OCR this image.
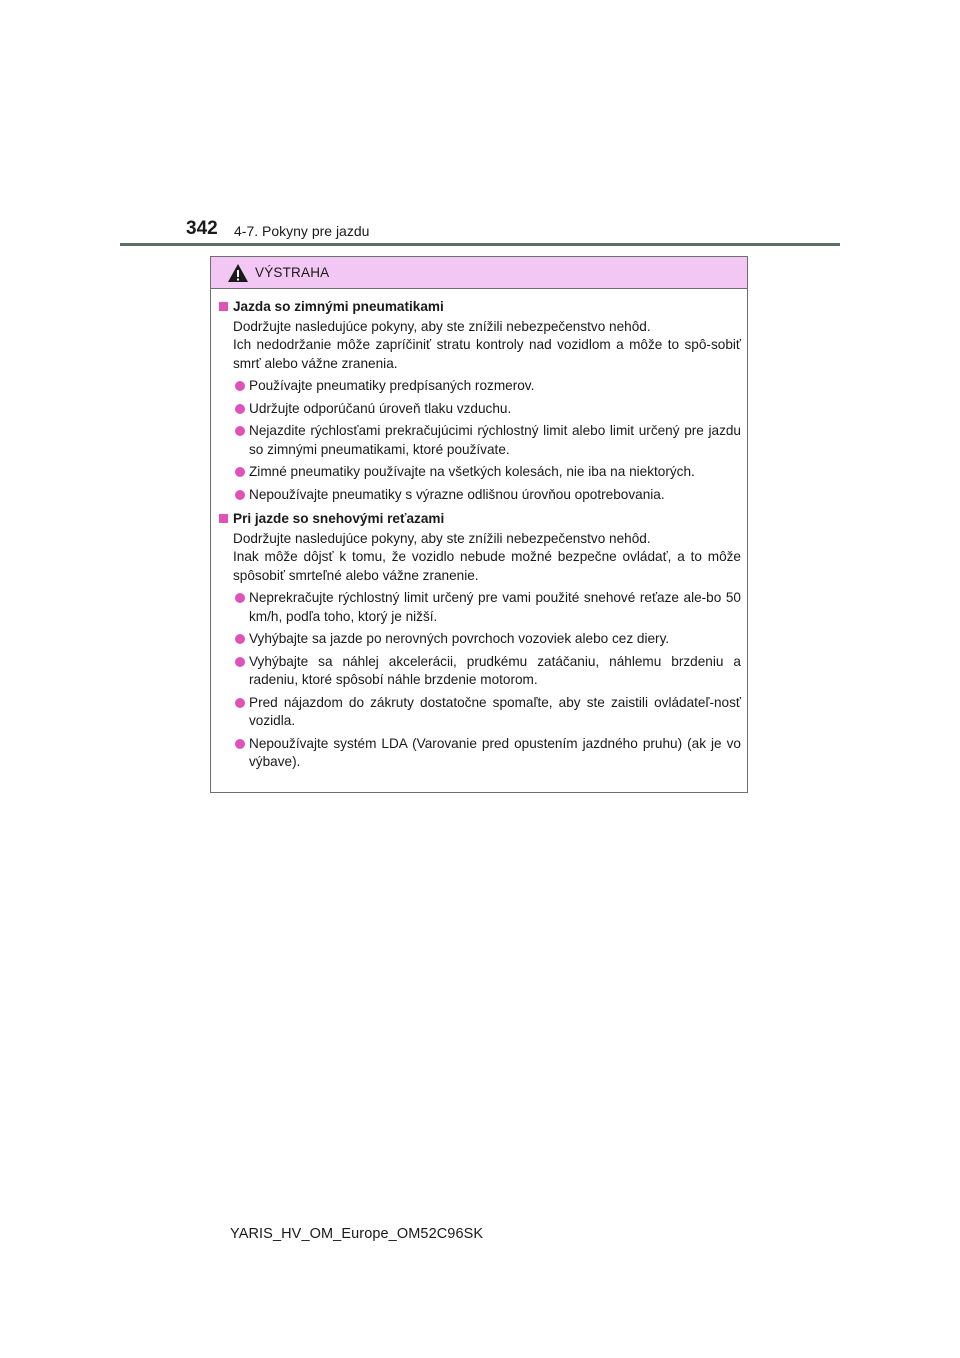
342 4-7. Pokyny pre jazdu
VÝSTRAHA
Jazda so zimnými pneumatikami

Dodržujte nasledujúce pokyny, aby ste znížili nebezpečenstvo nehôd.

Ich nedodržanie môže zapríčiniť stratu kontroly nad vozidlom a môže to spô-sobiť smrť alebo vážne zranenia.

Používajte pneumatiky predpísaných rozmerov.
Udržujte odporúčanú úroveň tlaku vzduchu.
Nejazdite rýchlosťami prekračujúcimi rýchlostný limit alebo limit určený pre jazdu so zimnými pneumatikami, ktoré používate.
Zimné pneumatiky používajte na všetkých kolesách, nie iba na niektorých.
Nepoužívajte pneumatiky s výrazne odlišnou úrovňou opotrebovania.
Pri jazde so snehovými reťazami

Dodržujte nasledujúce pokyny, aby ste znížili nebezpečenstvo nehôd.

Inak môže dôjsť k tomu, že vozidlo nebude možné bezpečne ovládať, a to môže spôsobiť smrteľné alebo vážne zranenie.

Neprekračujte rýchlostný limit určený pre vami použité snehové reťaze ale-bo 50 km/h, podľa toho, ktorý je nižší.
Vyhýbajte sa jazde po nerovných povrchoch vozoviek alebo cez diery.
Vyhýbajte sa náhlej akcelerácii, prudkému zatáčaniu, náhlemu brzdeniu a radeniu, ktoré spôsobí náhle brzdenie motorom.
Pred nájazdom do zákruty dostatočne spomaľte, aby ste zaistili ovládateľ-nosť vozidla.
Nepoužívajte systém LDA (Varovanie pred opustením jazdného pruhu) (ak je vo výbave).
YARIS_HV_OM_Europe_OM52C96SK
